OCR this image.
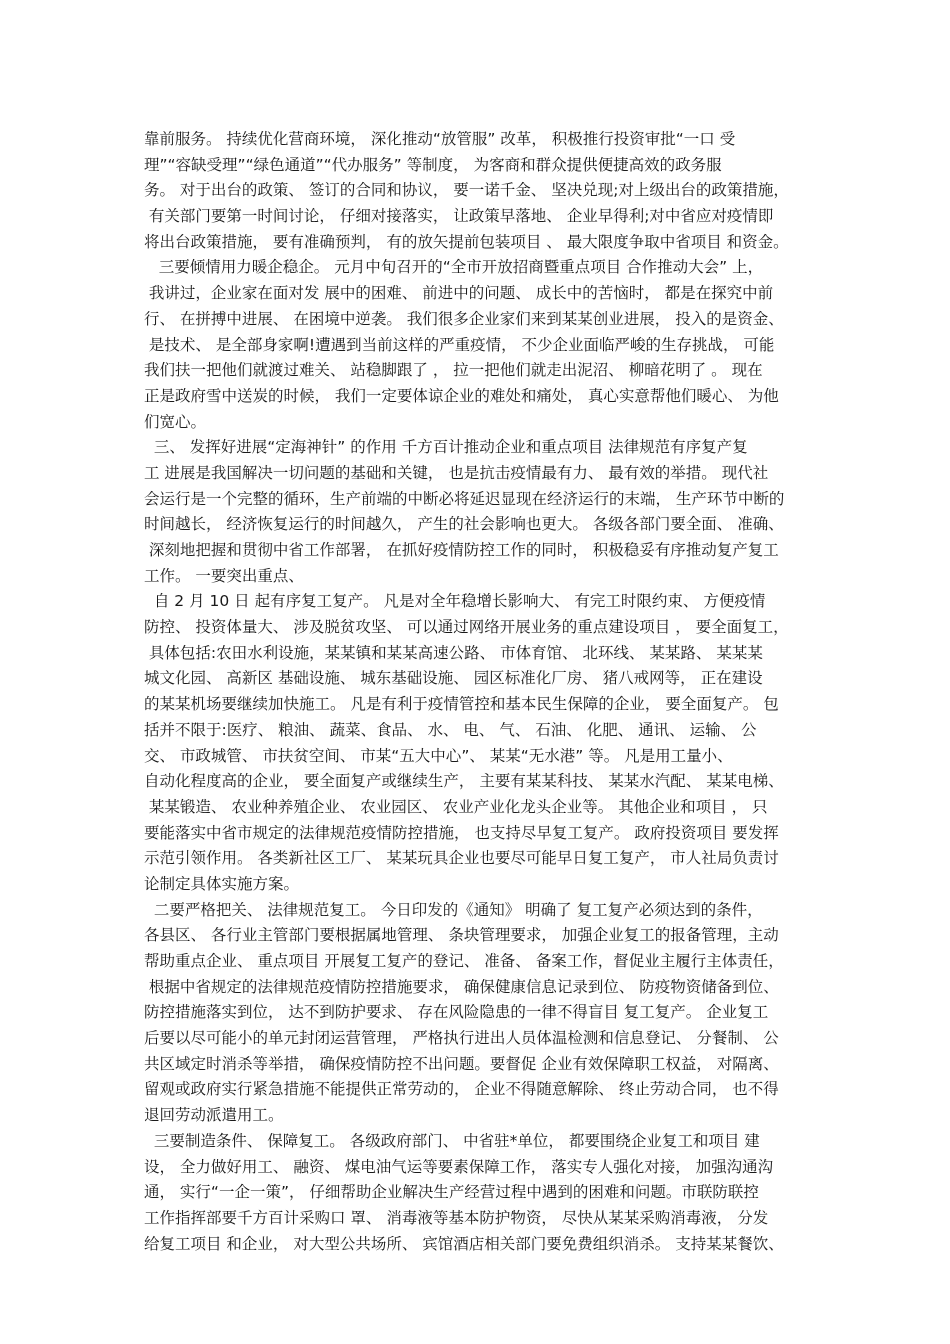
靠前服务。 持续优化营商环境， 深化推动“放管服” 改革， 积极推行投资审批“一口 受
理”“容缺受理”“绿色通道”“代办服务” 等制度， 为客商和群众提供便捷高效的政务服
务。 对于出台的政策、 签订的合同和协议， 要一诺千金、 坚决兑现;对上级出台的政策措施，
有关部门要第一时间讨论， 仔细对接落实， 让政策早落地、 企业早得利;对中省应对疫情即
将出台政策措施， 要有准确预判， 有的放矢提前包装项目 、 最大限度争取中省项目 和资金。
三要倾情用力暖企稳企。 元月中旬召开的“全市开放招商暨重点项目 合作推动大会” 上，
我讲过，企业家在面对发 展中的困难、 前进中的问题、 成长中的苦恼时， 都是在探究中前
行、 在拼搏中进展、 在困境中逆袭。 我们很多企业家们来到某某创业进展， 投入的是资金、
是技术、 是全部身家啊!遭遇到当前这样的严重疫情， 不少企业面临严峻的生存挑战， 可能
我们扶一把他们就渡过难关、 站稳脚跟了 ， 拉一把他们就走出泥沼、 柳暗花明了 。 现在
正是政府雪中送炭的时候， 我们一定要体谅企业的难处和痛处， 真心实意帮他们暖心、 为他
们宽心。
三、 发挥好进展“定海神针” 的作用 千方百计推动企业和重点项目 法律规范有序复产复
工 进展是我国解决一切问题的基础和关键， 也是抗击疫情最有力、 最有效的举措。 现代社
会运行是一个完整的循环，生产前端的中断必将延迟显现在经济运行的末端， 生产环节中断的
时间越长， 经济恢复运行的时间越久， 产生的社会影响也更大。 各级各部门要全面、 准确、
深刻地把握和贯彻中省工作部署， 在抓好疫情防控工作的同时， 积极稳妥有序推动复产复工
工作。 一要突出重点、
自 2 月 10 日 起有序复工复产。 凡是对全年稳增长影响大、 有完工时限约束、 方便疫情
防控、 投资体量大、 涉及脱贫攻坚、 可以通过网络开展业务的重点建设项目 ， 要全面复工，
具体包括:农田水利设施，某某镇和某某高速公路、 市体育馆、 北环线、 某某路、 某某某
城文化园、 高新区 基础设施、 城东基础设施、 园区标准化厂房、 猪八戒网等， 正在建设
的某某机场要继续加快施工。 凡是有利于疫情管控和基本民生保障的企业， 要全面复产。 包
括并不限于:医疗、 粮油、 蔬菜、食品、 水、 电、 气、 石油、 化肥、 通讯、 运输、 公
交、 市政城管、 市扶贫空间、 市某“五大中心”、 某某“无水港” 等。 凡是用工量小、
自动化程度高的企业， 要全面复产或继续生产， 主要有某某科技、 某某水汽配、 某某电梯、
某某锻造、 农业种养殖企业、 农业园区、 农业产业化龙头企业等。 其他企业和项目 ， 只
要能落实中省市规定的法律规范疫情防控措施， 也支持尽早复工复产。 政府投资项目 要发挥
示范引领作用。 各类新社区工厂、 某某玩具企业也要尽可能早日复工复产， 市人社局负责讨
论制定具体实施方案。
二要严格把关、 法律规范复工。 今日印发的《通知》 明确了 复工复产必须达到的条件，
各县区、 各行业主管部门要根据属地管理、 条块管理要求， 加强企业复工的报备管理，主动
帮助重点企业、 重点项目 开展复工复产的登记、 准备、 备案工作，督促业主履行主体责任，
根据中省规定的法律规范疫情防控措施要求， 确保健康信息记录到位、 防疫物资储备到位、
防控措施落实到位， 达不到防护要求、 存在风险隐患的一律不得盲目 复工复产。 企业复工
后要以尽可能小的单元封闭运营管理， 严格执行进出人员体温检测和信息登记、 分餐制、 公
共区域定时消杀等举措， 确保疫情防控不出问题。要督促 企业有效保障职工权益， 对隔离、
留观或政府实行紧急措施不能提供正常劳动的， 企业不得随意解除、 终止劳动合同， 也不得
退回劳动派遣用工。
三要制造条件、 保障复工。 各级政府部门、 中省驻*单位， 都要围绕企业复工和项目 建
设， 全力做好用工、 融资、 煤电油气运等要素保障工作， 落实专人强化对接， 加强沟通沟
通， 实行“一企一策”， 仔细帮助企业解决生产经营过程中遇到的困难和问题。市联防联控
工作指挥部要千方百计采购口 罩、 消毒液等基本防护物资， 尽快从某某采购消毒液， 分发
给复工项目 和企业， 对大型公共场所、 宾馆酒店相关部门要免费组织消杀。 支持某某餐饮、
